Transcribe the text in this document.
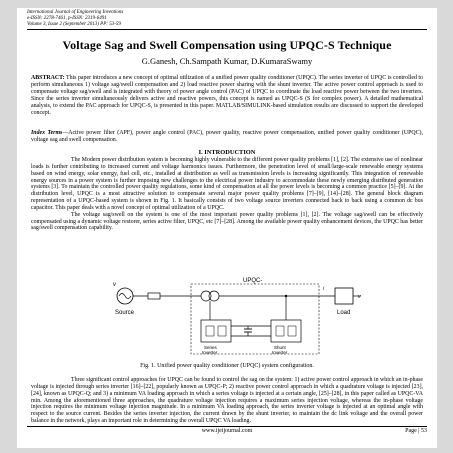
International Journal of Engineering Inventions
e-ISSN: 2278-7461, p-ISSN: 2319-6491
Volume 3, Issue 2 (September 2013) PP: 53-59
Voltage Sag and Swell Compensation using UPQC-S Technique
G.Ganesh, Ch.Sampath Kumar, D.KumaraSwamy
ABSTRACT: This paper introduces a new concept of optimal utilization of a unified power quality conditioner (UPQC). The series inverter of UPQC is controlled to perform simultaneous 1) voltage sag/swell compensation and 2) load reactive power sharing with the shunt inverter. The active power control approach is used to compensate voltage sag/swell and is integrated with theory of power angle control (PAC) of UPQC to coordinate the load reactive power between the two inverters. Since the series inverter simultaneously delivers active and reactive powers, this concept is named as UPQC-S (S for complex power). A detailed mathematical analysis, to extend the PAC approach for UPQC-S, is presented in this paper. MATLAB/SIMULINK-based simulation results are discussed to support the developed concept.
Index Terms—Active power filter (APF), power angle control (PAC), power quality, reactive power compensation, unified power quality conditioner (UPQC), voltage sag and swell compensation.
I. INTRODUCTION

The Modern power distribution system is becoming highly vulnerable to the different power quality problems [1], [2]. The extensive use of nonlinear loads is further contributing to increased current and voltage harmonics issues. Furthermore, the penetration level of small/large-scale renewable energy systems based on wind energy, solar energy, fuel cell, etc., installed at distribution as well as transmission levels is increasing significantly. This integration of renewable energy sources in a power system is further imposing new challenges to the electrical power industry to accommodate these newly emerging distributed generation systems [3]. To maintain the controlled power quality regulations, some kind of compensation at all the power levels is becoming a common practice [5]–[9]. At the distribution level, UPQC is a most attractive solution to compensate several major power quality problems [7]–[9], [14]–[28]. The general block diagram representation of a UPQC-based system is shown in Fig. 1. It basically consists of two voltage source inverters connected back to back using a common dc bus capacitor. This paper deals with a novel concept of optimal utilization of a UPQC.

The voltage sag/swell on the system is one of the most important power quality problems [1], [2]. The voltage sag/swell can be effectively compensated using a dynamic voltage restorer, series active filter, UPQC, etc [7]–[28]. Among the available power quality enhancement devices, the UPQC has better sag/swell compensation capability.

Source
v
UPQC-
Series
Inverter
Shunt
Inverter
Load
i
v
Fig. 1. Unified power quality conditioner (UPQC) system configuration.
Three significant control approaches for UPQC can be found to control the sag on the system: 1) active power control approach in which an in-phase voltage is injected through series inverter [16]–[22], popularly known as UPQC-P; 2) reactive power control approach in which a quadrature voltage is injected [23], [24], known as UPQC-Q; and 3) a minimum VA loading approach in which a series voltage is injected at a certain angle, [25]–[28], in this paper called as UPQC-VA min. Among the aforementioned three approaches, the quadrature voltage injection requires a maximum series injection voltage, whereas the in-phase voltage injection requires the minimum voltage injection magnitude. In a minimum VA loading approach, the series inverter voltage is injected at an optimal angle with respect to the source current. Besides the series inverter injection, the current drawn by the shunt inverter, to maintain the dc link voltage and the overall power balance in the network, plays an important role in determining the overall UPQC VA loading.
www.ijeijournal.com	Page | 53
